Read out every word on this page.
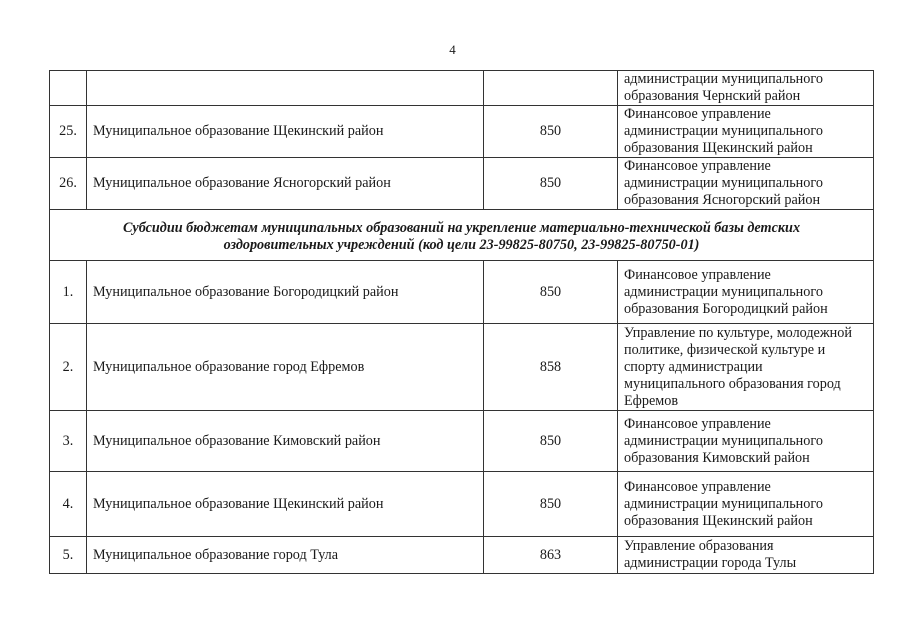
4
			администрации муниципального образования Чернский район
25.	Муниципальное образование Щекинский район	850	Финансовое управление администрации муниципального образования Щекинский район
26.	Муниципальное образование Ясногорский район	850	Финансовое управление администрации муниципального образования Ясногорский район
Субсидии бюджетам муниципальных образований на укрепление материально-технической базы детских оздоровительных учреждений (код цели 23-99825-80750, 23-99825-80750-01)			
1.	Муниципальное образование Богородицкий район	850	Финансовое управление администрации муниципального образования Богородицкий район
2.	Муниципальное образование город Ефремов	858	Управление по культуре, молодежной политике, физической культуре и спорту администрации муниципального образования город Ефремов
3.	Муниципальное образование Кимовский район	850	Финансовое управление администрации муниципального образования Кимовский район
4.	Муниципальное образование Щекинский район	850	Финансовое управление администрации муниципального образования Щекинский район
5.	Муниципальное образование город Тула	863	Управление образования администрации города Тулы
